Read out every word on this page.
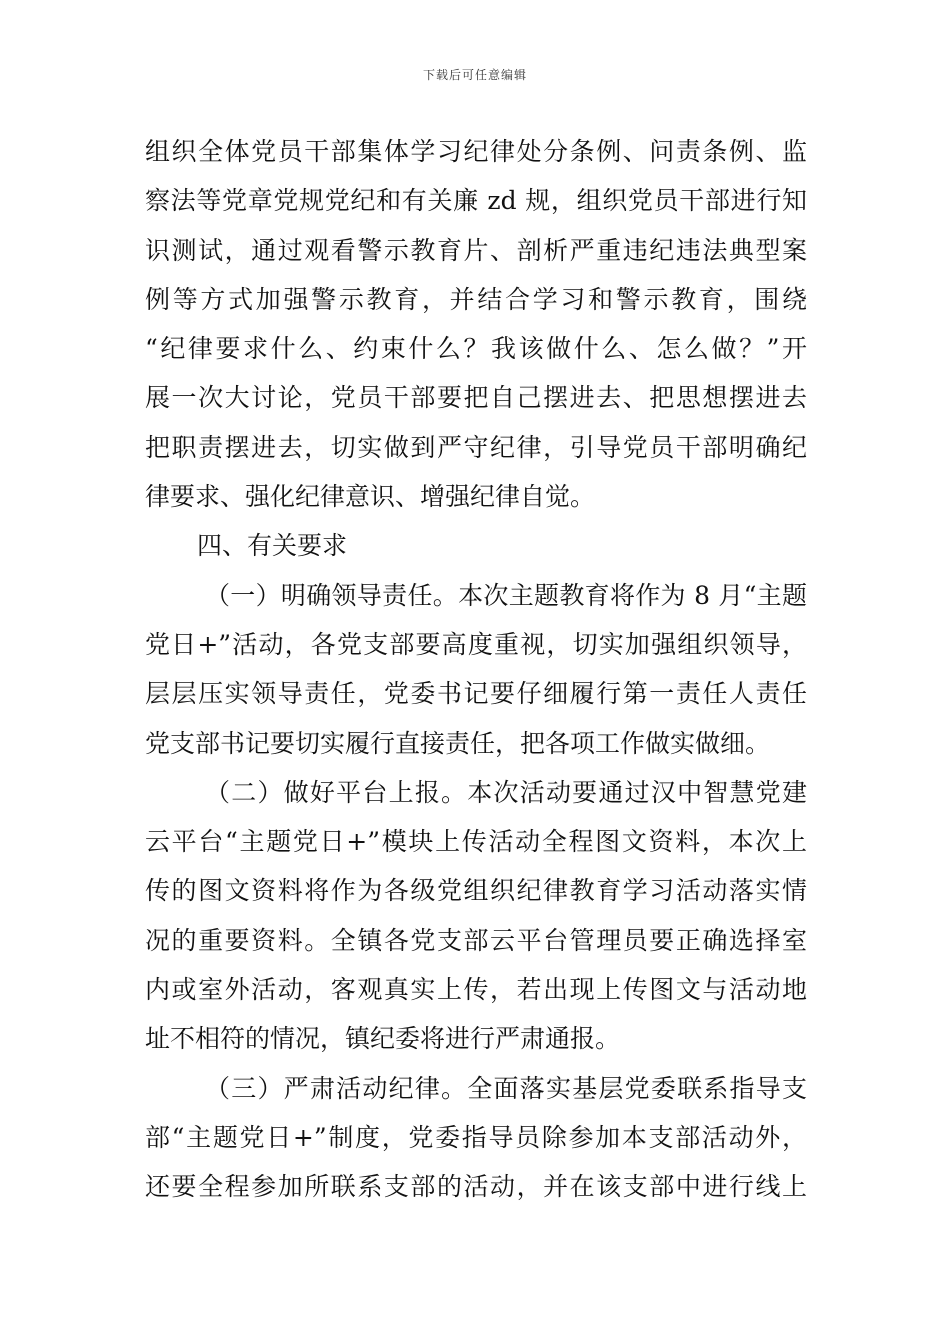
下载后可任意编辑
组织全体党员干部集体学习纪律处分条例、问责条例、监
察法等党章党规党纪和有关廉 zd 规，组织党员干部进行知
识测试，通过观看警示教育片、剖析严重违纪违法典型案
例等方式加强警示教育，并结合学习和警示教育，围绕
“纪律要求什么、约束什么？我该做什么、怎么做？”开
展一次大讨论，党员干部要把自己摆进去、把思想摆进去
把职责摆进去，切实做到严守纪律，引导党员干部明确纪
律要求、强化纪律意识、增强纪律自觉。
四、有关要求
（一）明确领导责任。本次主题教育将作为 8 月“主题
党日+”活动，各党支部要高度重视，切实加强组织领导，
层层压实领导责任，党委书记要仔细履行第一责任人责任
党支部书记要切实履行直接责任，把各项工作做实做细。
（二）做好平台上报。本次活动要通过汉中智慧党建
云平台“主题党日+”模块上传活动全程图文资料，本次上
传的图文资料将作为各级党组织纪律教育学习活动落实情
况的重要资料。全镇各党支部云平台管理员要正确选择室
内或室外活动，客观真实上传，若出现上传图文与活动地
址不相符的情况，镇纪委将进行严肃通报。
（三）严肃活动纪律。全面落实基层党委联系指导支
部“主题党日+”制度，党委指导员除参加本支部活动外，
还要全程参加所联系支部的活动，并在该支部中进行线上
